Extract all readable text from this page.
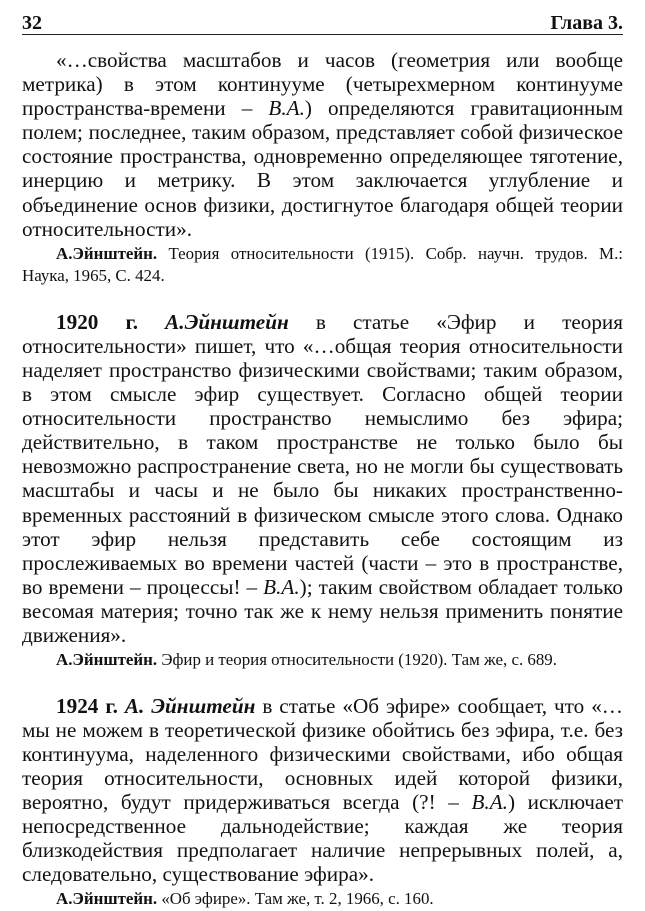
32	Глава 3.

«…свойства масштабов и часов (геометрия или вообще метрика) в этом континууме (четырехмерном континууме пространства-времени – В.А.) определяются гравитационным полем; последнее, таким образом, представляет собой физическое состояние пространства, одновременно определяющее тяготение, инерцию и метрику. В этом заключается углубление и объединение основ физики, достигнутое благодаря общей теории относительности».

А.Эйнштейн. Теория относительности (1915). Собр. научн. трудов. М.: Наука, 1965, С. 424.

1920 г. А.Эйнштейн в статье «Эфир и теория относительности» пишет, что «…общая теория относительности наделяет пространство физическими свойствами; таким образом, в этом смысле эфир существует. Согласно общей теории относительности пространство немыслимо без эфира; действительно, в таком пространстве не только было бы невозможно распространение света, но не могли бы существовать масштабы и часы и не было бы никаких пространственно-временных расстояний в физическом смысле этого слова. Однако этот эфир нельзя представить себе состоящим из прослеживаемых во времени частей (части – это в пространстве, во времени – процессы! – В.А.); таким свойством обладает только весомая материя; точно так же к нему нельзя применить понятие движения».

А.Эйнштейн. Эфир и теория относительности (1920). Там же, с. 689.

1924 г. А. Эйнштейн в статье «Об эфире» сообщает, что «…мы не можем в теоретической физике обойтись без эфира, т.е. без континуума, наделенного физическими свойствами, ибо общая теория относительности, основных идей которой физики, вероятно, будут придерживаться всегда (?! – В.А.) исключает непосредственное дальнодействие; каждая же теория близкодействия предполагает наличие непрерывных полей, а, следовательно, существование эфира».

А.Эйнштейн. «Об эфире». Там же, т. 2, 1966, с. 160.
